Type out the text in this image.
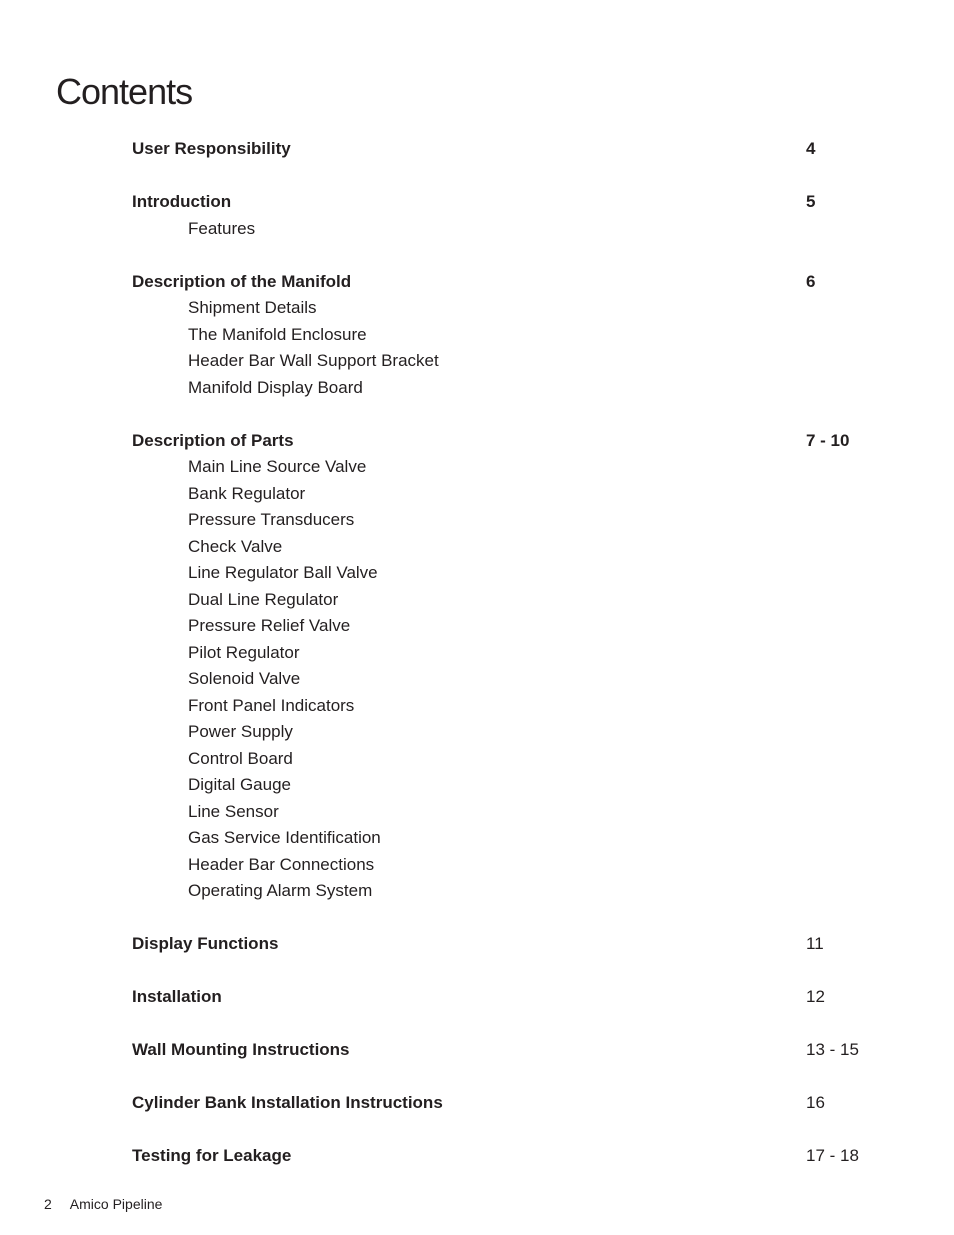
Contents
User Responsibility	4
Introduction	5
Features
Description of the Manifold	6
Shipment Details
The Manifold Enclosure
Header Bar Wall Support Bracket
Manifold Display Board
Description of Parts	7 - 10
Main Line Source Valve
Bank Regulator
Pressure Transducers
Check Valve
Line Regulator Ball Valve
Dual Line Regulator
Pressure Relief Valve
Pilot Regulator
Solenoid Valve
Front Panel Indicators
Power Supply
Control Board
Digital Gauge
Line Sensor
Gas Service Identification
Header Bar Connections
Operating Alarm System
Display Functions	11
Installation	12
Wall Mounting Instructions	13 - 15
Cylinder Bank Installation Instructions	16
Testing for Leakage	17 - 18
2 Amico Pipeline
